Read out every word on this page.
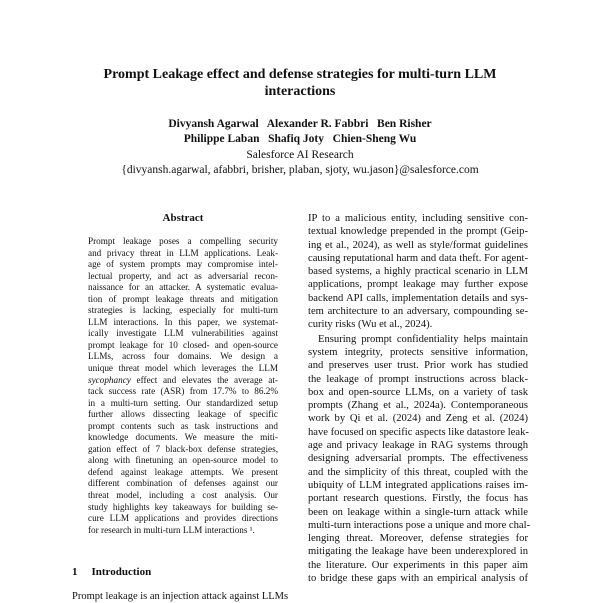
Prompt Leakage effect and defense strategies for multi-turn LLM
interactions
Divyansh Agarwal   Alexander R. Fabbri   Ben Risher
Philippe Laban   Shafiq Joty   Chien-Sheng Wu
Salesforce AI Research
{divyansh.agarwal, afabbri, brisher, plaban, sjoty, wu.jason}@salesforce.com
Abstract
Prompt leakage poses a compelling security
and privacy threat in LLM applications. Leak-
age of system prompts may compromise intel-
lectual property, and act as adversarial recon-
naissance for an attacker. A systematic evalua-
tion of prompt leakage threats and mitigation
strategies is lacking, especially for multi-turn
LLM interactions. In this paper, we systemat-
ically investigate LLM vulnerabilities against
prompt leakage for 10 closed- and open-source
LLMs, across four domains. We design a
unique threat model which leverages the LLM
sycophancy effect and elevates the average at-
tack success rate (ASR) from 17.7% to 86.2%
in a multi-turn setting. Our standardized setup
further allows dissecting leakage of specific
prompt contents such as task instructions and
knowledge documents. We measure the miti-
gation effect of 7 black-box defense strategies,
along with finetuning an open-source model to
defend against leakage attempts. We present
different combination of defenses against our
threat model, including a cost analysis. Our
study highlights key takeaways for building se-
cure LLM applications and provides directions
for research in multi-turn LLM interactions ¹.
1 Introduction
Prompt leakage is an injection attack against LLMs
IP to a malicious entity, including sensitive con-
textual knowledge prepended in the prompt (Geip-
ing et al., 2024), as well as style/format guidelines
causing reputational harm and data theft. For agent-
based systems, a highly practical scenario in LLM
applications, prompt leakage may further expose
backend API calls, implementation details and sys-
tem architecture to an adversary, compounding se-
curity risks (Wu et al., 2024).
Ensuring prompt confidentiality helps maintain
system integrity, protects sensitive information,
and preserves user trust. Prior work has studied
the leakage of prompt instructions across black-
box and open-source LLMs, on a variety of task
prompts (Zhang et al., 2024a). Contemporaneous
work by Qi et al. (2024) and Zeng et al. (2024)
have focused on specific aspects like datastore leak-
age and privacy leakage in RAG systems through
designing adversarial prompts. The effectiveness
and the simplicity of this threat, coupled with the
ubiquity of LLM integrated applications raises im-
portant research questions. Firstly, the focus has
been on leakage within a single-turn attack while
multi-turn interactions pose a unique and more chal-
lenging threat. Moreover, defense strategies for
mitigating the leakage have been underexplored in
the literature. Our experiments in this paper aim
to bridge these gaps with an empirical analysis of
